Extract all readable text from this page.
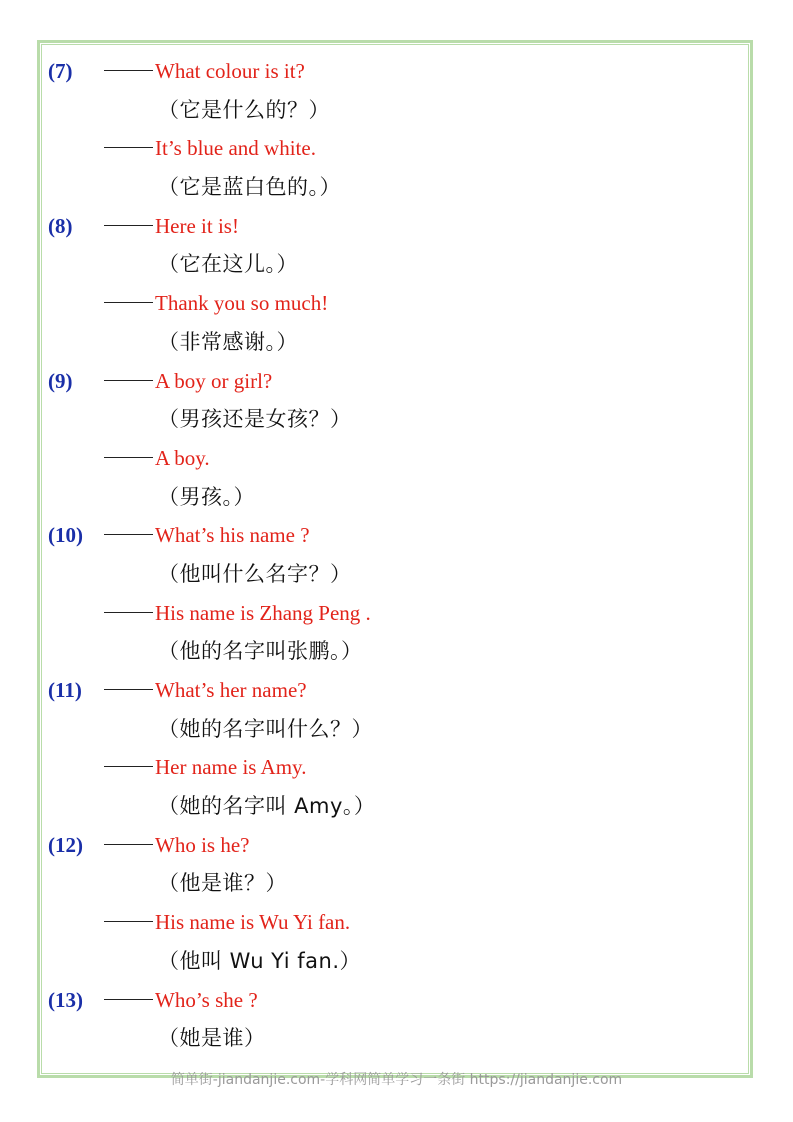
(7)	What colour is it?
（它是什么的？）
It’s blue and white.
（它是蓝白色的。）
(8)	Here it is!
（它在这儿。）
Thank you so much!
（非常感谢。）
(9)	A boy or girl?
（男孩还是女孩？）
A boy.
（男孩。）
(10)	What’s his name ?
（他叫什么名字？）
His name is Zhang Peng .
（他的名字叫张鹏。）
(11)	What’s her name?
（她的名字叫什么？）
Her name is Amy.
（她的名字叫 Amy。）
(12)	Who is he?
（他是谁？）
His name is Wu Yi fan.
（他叫 Wu Yi fan.）
(13)	Who’s she ?
（她是谁）
简单街-jiandanjie.com-学科网简单学习一条街 https://jiandanjie.com
